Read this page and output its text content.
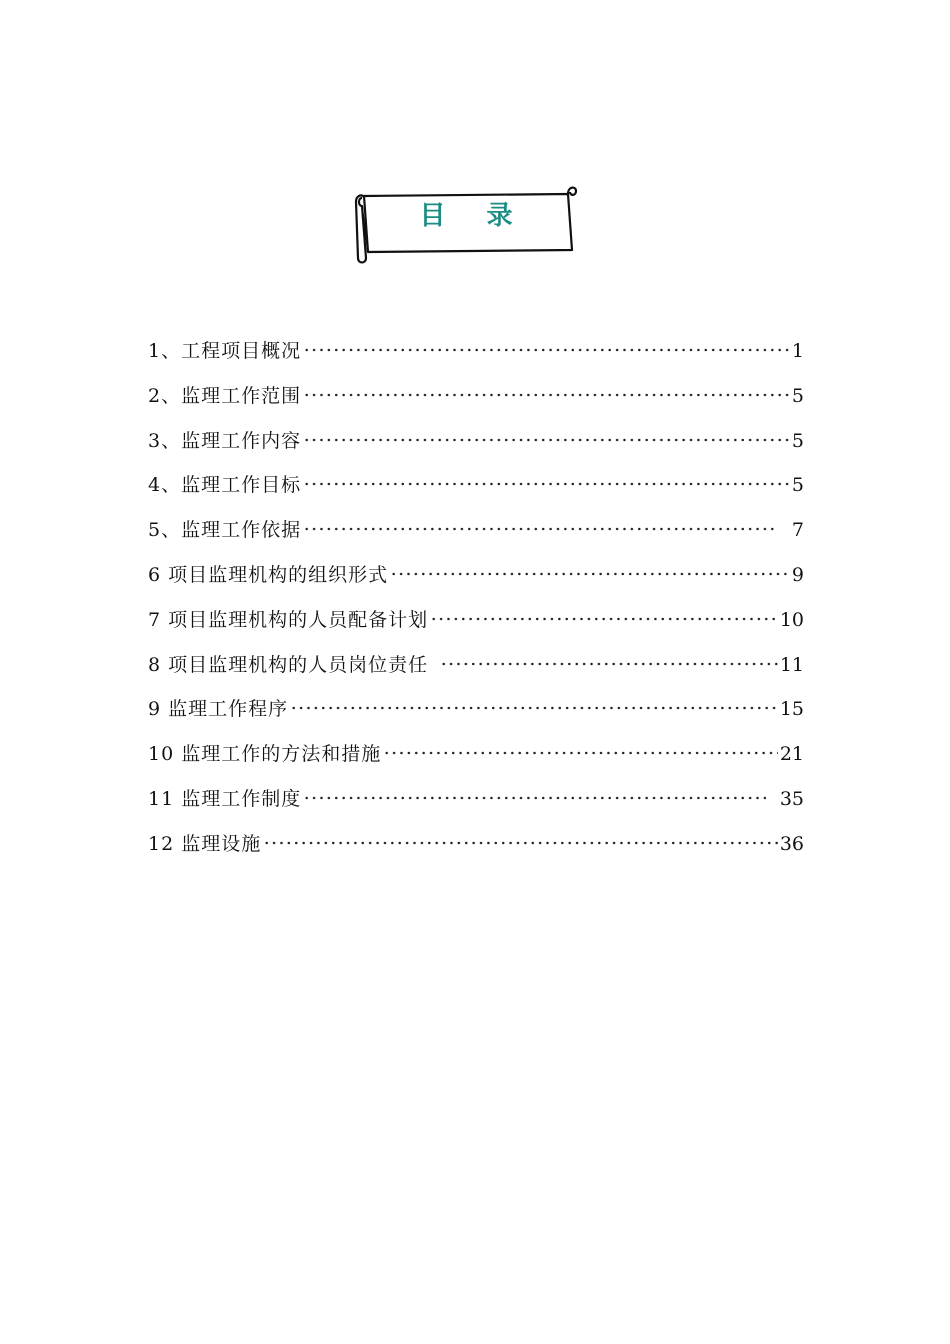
目 录
1、工程项目概况	1
2、监理工作范围	5
3、监理工作内容	5
4、监理工作目标	5
5、监理工作依据	7
6 项目监理机构的组织形式	9
7 项目监理机构的人员配备计划	10
8 项目监理机构的人员岗位责任	11
9 监理工作程序	15
10 监理工作的方法和措施	21
11 监理工作制度	35
12 监理设施	36
